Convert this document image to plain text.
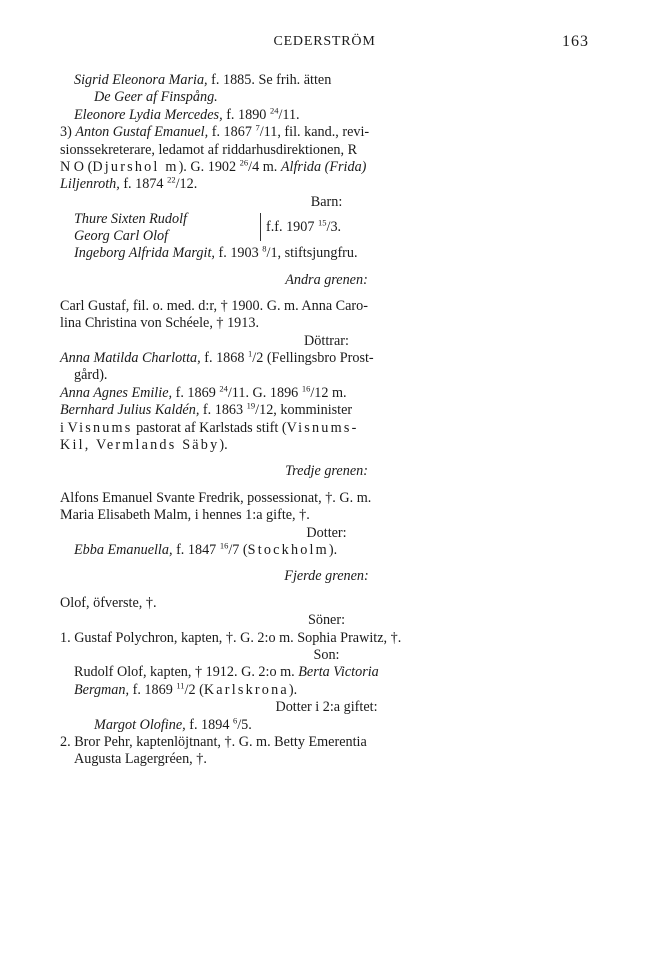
CEDERSTRÖM	163
Sigrid Eleonora Maria, f. 1885. Se frih. ätten
De Geer af Finspång.
Eleonore Lydia Mercedes, f. 1890 $^{24}$/11.
3) Anton Gustaf Emanuel, f. 1867 $^7$/11, fil. kand., revi-
sionssekreterare, ledamot af riddarhusdirektionen, R
N O (Djurshol m). G. 1902 $^{26}$/4 m. Alfrida (Frida)
Liljenroth, f. 1874 $^{22}$/12.
Barn:
Thure Sixten Rudolf
Georg Carl Olof
f.f. 1907 $^{15}$/3.
Ingeborg Alfrida Margit, f. 1903 $^8$/1, stiftsjungfru.
Andra grenen:
Carl Gustaf, fil. o. med. d:r, † 1900. G. m. Anna Caro-
lina Christina von Schéele, † 1913.
Döttrar:
Anna Matilda Charlotta, f. 1868 $^1$/2 (Fellingsbro Prost-
gård).
Anna Agnes Emilie, f. 1869 $^{24}$/11. G. 1896 $^{16}$/12 m.
Bernhard Julius Kaldén, f. 1863 $^{19}$/12, komminister
i Visnums pastorat af Karlstads stift (Visnums-
Kil, Vermlands Säby).
Tredje grenen:
Alfons Emanuel Svante Fredrik, possessionat, †. G. m.
Maria Elisabeth Malm, i hennes 1:a gifte, †.
Dotter:
Ebba Emanuella, f. 1847 $^{16}$/7 (Stockholm).
Fjerde grenen:
Olof, öfverste, †.
Söner:
1. Gustaf Polychron, kapten, †. G. 2:o m. Sophia Prawitz, †.
Son:
Rudolf Olof, kapten, † 1912. G. 2:o m. Berta Victoria
Bergman, f. 1869 $^{11}$/2 (Karlskrona).
Dotter i 2:a giftet:
Margot Olofine, f. 1894 $^6$/5.
2. Bror Pehr, kaptenlöjtnant, †. G. m. Betty Emerentia
Augusta Lagergréen, †.
